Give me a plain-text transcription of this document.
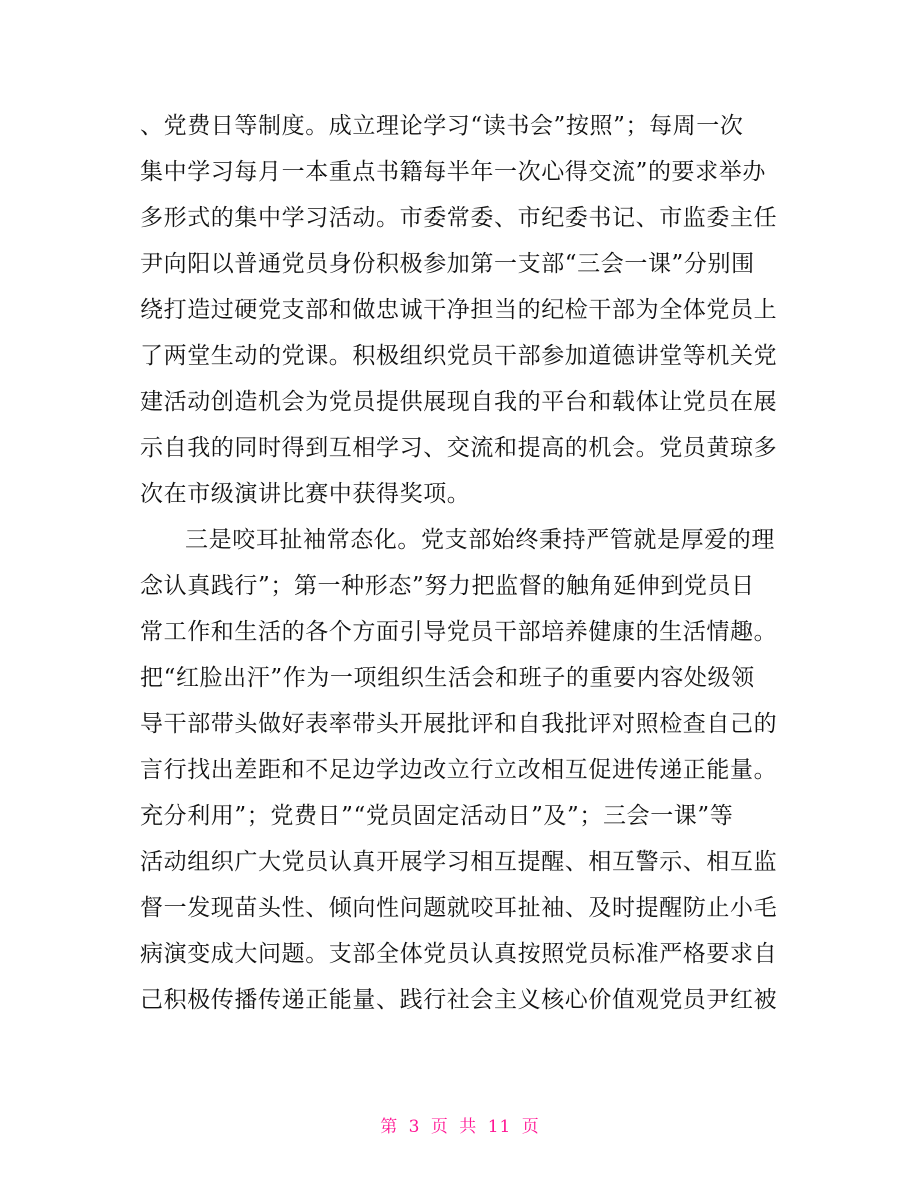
、党费日等制度。成立理论学习“读书会”按照”；每周一次
集中学习每月一本重点书籍每半年一次心得交流”的要求举办
多形式的集中学习活动。市委常委、市纪委书记、市监委主任
尹向阳以普通党员身份积极参加第一支部“三会一课”分别围
绕打造过硬党支部和做忠诚干净担当的纪检干部为全体党员上
了两堂生动的党课。积极组织党员干部参加道德讲堂等机关党
建活动创造机会为党员提供展现自我的平台和载体让党员在展
示自我的同时得到互相学习、交流和提高的机会。党员黄琼多
次在市级演讲比赛中获得奖项。
三是咬耳扯袖常态化。党支部始终秉持严管就是厚爱的理
念认真践行”；第一种形态”努力把监督的触角延伸到党员日
常工作和生活的各个方面引导党员干部培养健康的生活情趣。
把“红脸出汗”作为一项组织生活会和班子的重要内容处级领
导干部带头做好表率带头开展批评和自我批评对照检查自己的
言行找出差距和不足边学边改立行立改相互促进传递正能量。
充分利用”；党费日”“党员固定活动日”及”；三会一课”等
活动组织广大党员认真开展学习相互提醒、相互警示、相互监
督一发现苗头性、倾向性问题就咬耳扯袖、及时提醒防止小毛
病演变成大问题。支部全体党员认真按照党员标准严格要求自
己积极传播传递正能量、践行社会主义核心价值观党员尹红被
第 3 页 共 11 页
